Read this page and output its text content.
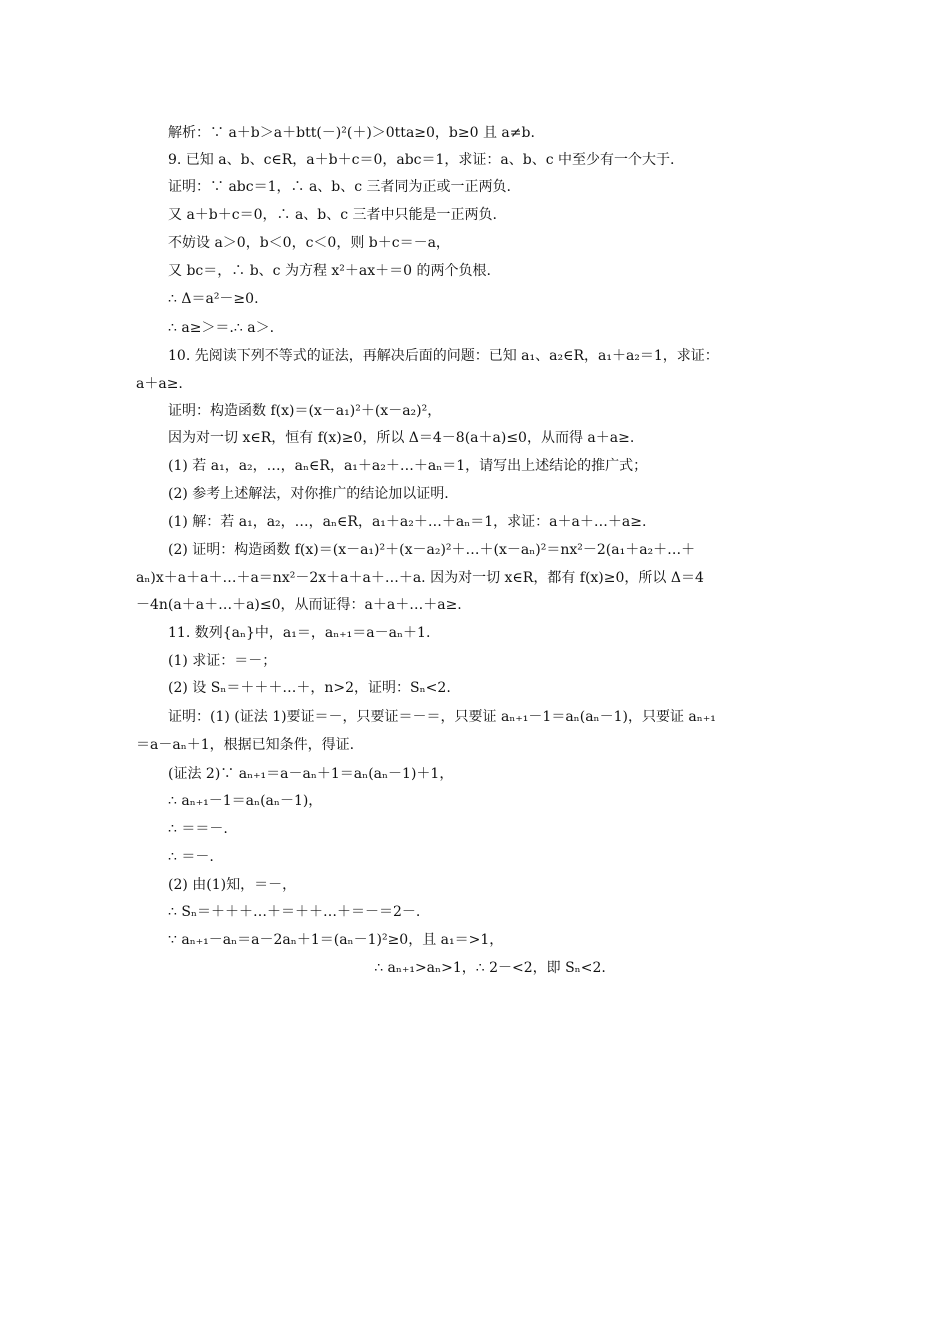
解析：∵ a＋b＞a＋btt(－)²(＋)＞0tta≥0，b≥0 且 a≠b.
9. 已知 a、b、c∈R，a＋b＋c＝0，abc＝1，求证：a、b、c 中至少有一个大于.
证明：∵ abc＝1，∴ a、b、c 三者同为正或一正两负.
又 a＋b＋c＝0，∴ a、b、c 三者中只能是一正两负.
不妨设 a＞0，b＜0，c＜0，则 b＋c＝－a，
又 bc＝，∴ b、c 为方程 x²＋ax＋＝0 的两个负根.
∴ Δ＝a²－≥0.
∴ a≥＞＝.∴ a＞.
10. 先阅读下列不等式的证法，再解决后面的问题：已知 a₁、a₂∈R，a₁＋a₂＝1，求证：
a＋a≥.
证明：构造函数 f(x)＝(x－a₁)²＋(x－a₂)²，
因为对一切 x∈R，恒有 f(x)≥0，所以 Δ＝4－8(a＋a)≤0，从而得 a＋a≥.
(1) 若 a₁，a₂，…，aₙ∈R，a₁＋a₂＋…＋aₙ＝1，请写出上述结论的推广式；
(2) 参考上述解法，对你推广的结论加以证明.
(1) 解：若 a₁，a₂，…，aₙ∈R，a₁＋a₂＋…＋aₙ＝1，求证：a＋a＋…＋a≥.
(2) 证明：构造函数 f(x)＝(x－a₁)²＋(x－a₂)²＋…＋(x－aₙ)²＝nx²－2(a₁＋a₂＋…＋
aₙ)x＋a＋a＋…＋a＝nx²－2x＋a＋a＋…＋a. 因为对一切 x∈R，都有 f(x)≥0，所以 Δ＝4
－4n(a＋a＋…＋a)≤0，从而证得：a＋a＋…＋a≥.
11. 数列{aₙ}中，a₁＝，aₙ₊₁＝a－aₙ＋1.
(1) 求证：＝－；
(2) 设 Sₙ＝＋＋＋…＋，n>2，证明：Sₙ<2.
证明：(1) (证法 1)要证＝－，只要证＝－＝，只要证 aₙ₊₁－1＝aₙ(aₙ－1)，只要证 aₙ₊₁
＝a－aₙ＋1，根据已知条件，得证.
(证法 2)∵ aₙ₊₁＝a－aₙ＋1＝aₙ(aₙ－1)＋1，
∴ aₙ₊₁－1＝aₙ(aₙ－1)，
∴ ＝＝－.
∴ ＝－.
(2) 由(1)知，＝－，
∴ Sₙ＝＋＋＋…＋＝＋＋…＋＝－＝2－.
∵ aₙ₊₁－aₙ＝a－2aₙ＋1＝(aₙ－1)²≥0，且 a₁＝>1，
∴ aₙ₊₁>aₙ>1，∴ 2－<2，即 Sₙ<2.
